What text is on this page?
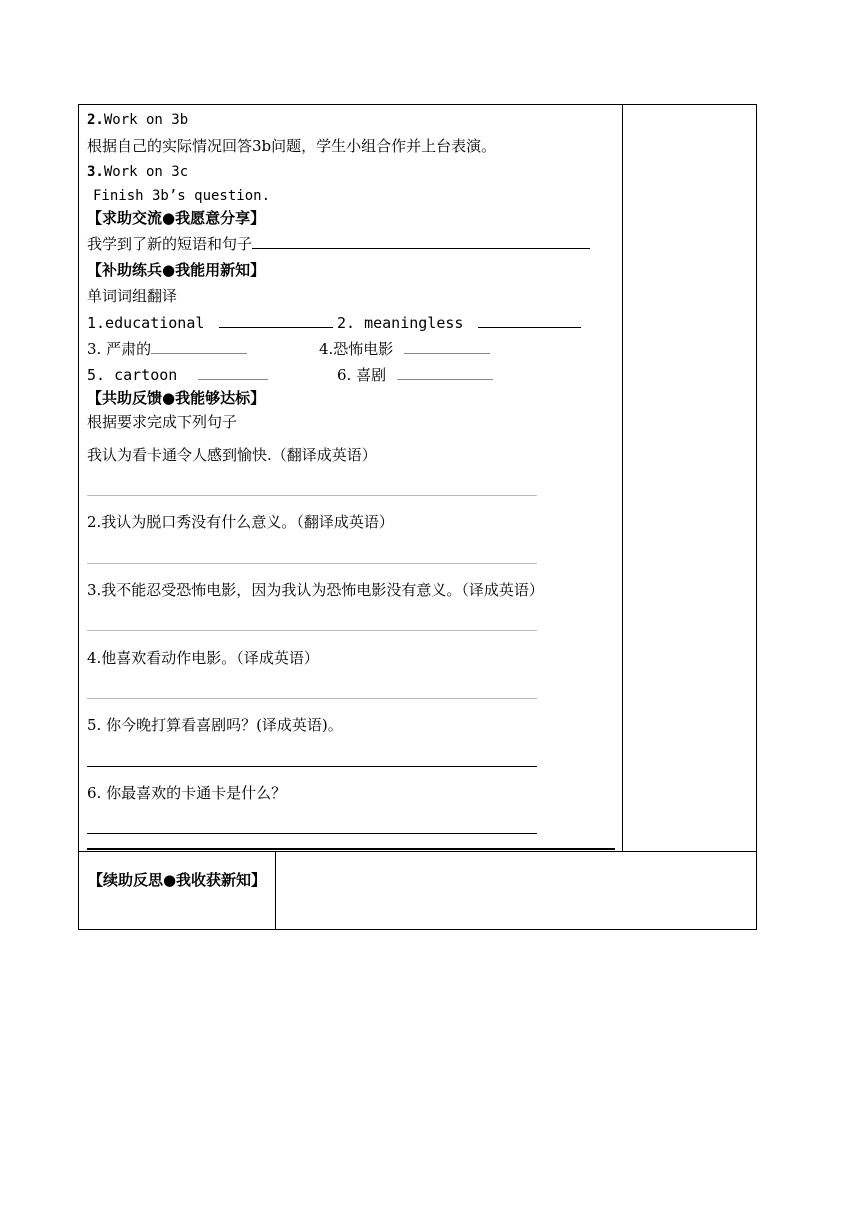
2.Work on 3b
根据自己的实际情况回答3b问题，学生小组合作并上台表演。
3.Work on 3c
Finish 3b’s question.
【求助交流●我愿意分享】
我学到了新的短语和句子
【补助练兵●我能用新知】
单词词组翻译
1.educational	2. meaningless
3. 严肃的	4.恐怖电影
5. cartoon	6. 喜剧
【共助反馈●我能够达标】
根据要求完成下列句子
我认为看卡通令人感到愉快.（翻译成英语）
2.我认为脱口秀没有什么意义。（翻译成英语）
3.我不能忍受恐怖电影，因为我认为恐怖电影没有意义。（译成英语）
4.他喜欢看动作电影。（译成英语）
5. 你今晚打算看喜剧吗？(译成英语)。
6. 你最喜欢的卡通卡是什么？
【续助反思●我收获新知】
